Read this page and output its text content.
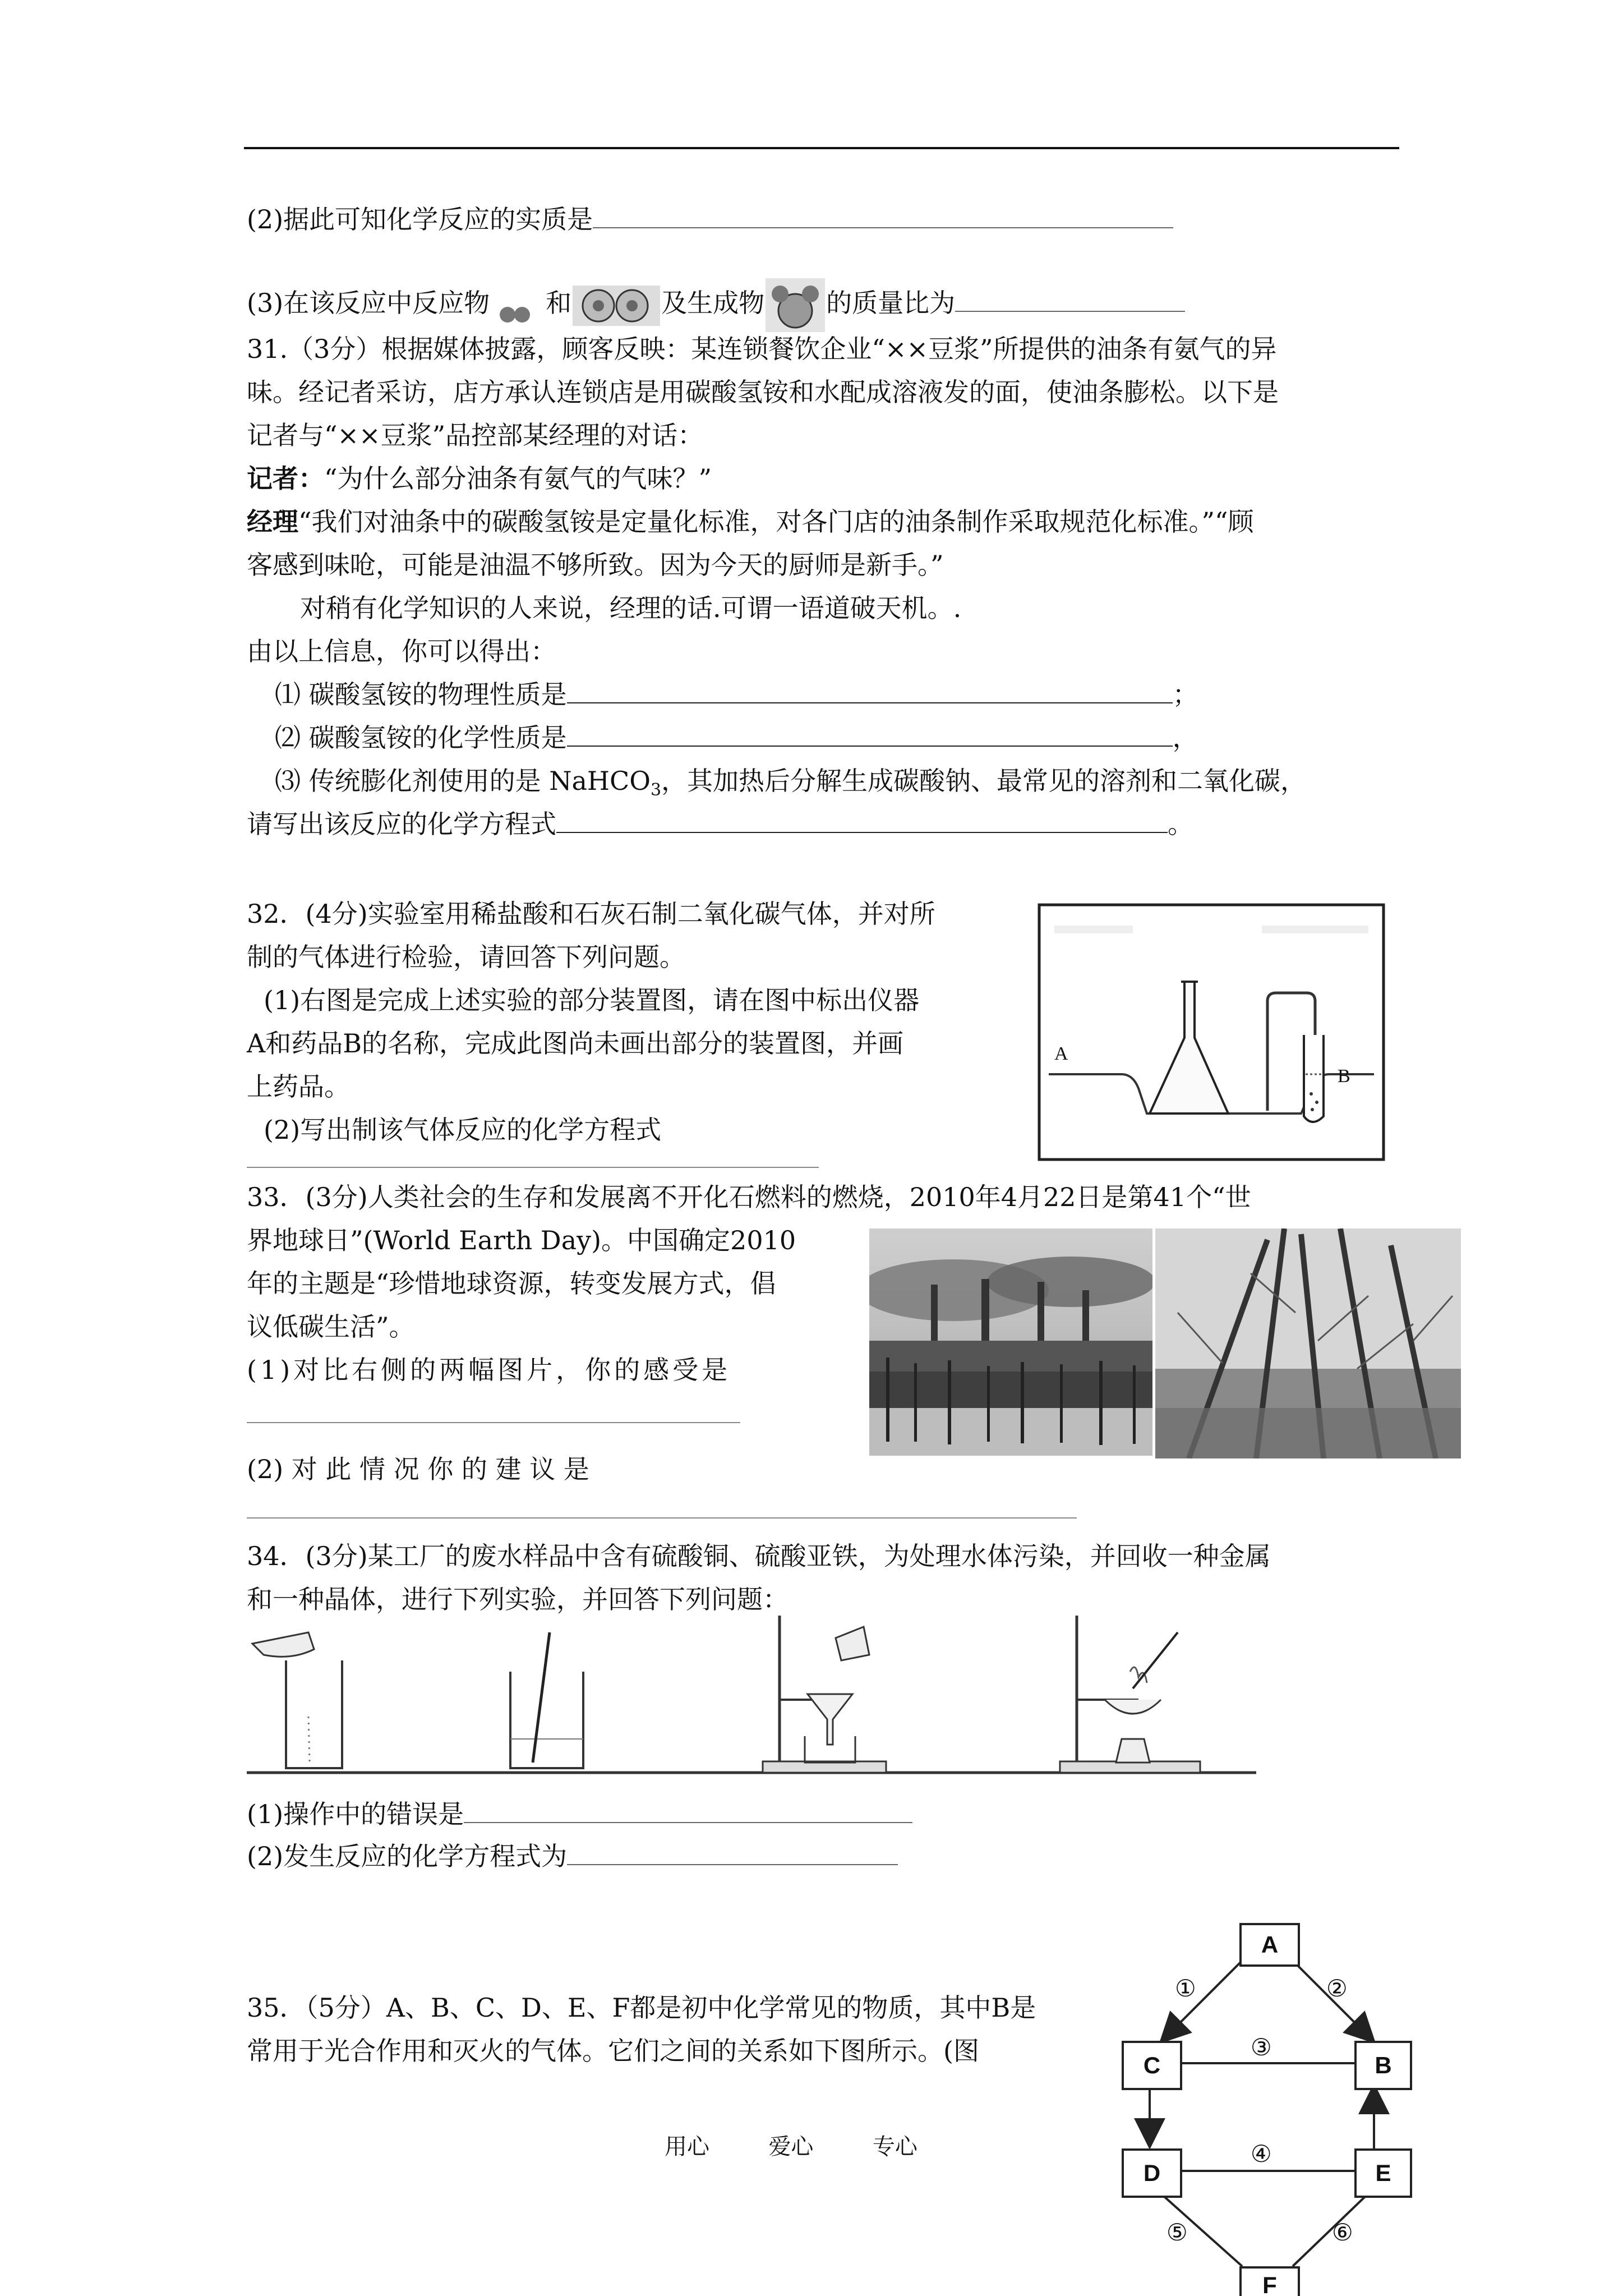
(2)据此可知化学反应的实质是
(3)在该反应中反应物 和	及生成物 的质量比为
31.（3分）根据媒体披露，顾客反映：某连锁餐饮企业“××豆浆”所提供的油条有氨气的异
味。经记者采访，店方承认连锁店是用碳酸氢铵和水配成溶液发的面，使油条膨松。以下是
记者与“××豆浆”品控部某经理的对话：
记者：“为什么部分油条有氨气的气味？”
经理“我们对油条中的碳酸氢铵是定量化标准，对各门店的油条制作采取规范化标准。”“顾
客感到味呛，可能是油温不够所致。因为今天的厨师是新手。”
对稍有化学知识的人来说，经理的话.可谓一语道破天机。.
由以上信息，你可以得出：
⑴ 碳酸氢铵的物理性质是	；
⑵ 碳酸氢铵的化学性质是	，
⑶ 传统膨化剂使用的是 NaHCO$_3$，其加热后分解生成碳酸钠、最常见的溶剂和二氧化碳，
请写出该反应的化学方程式	。
32．(4分)实验室用稀盐酸和石灰石制二氧化碳气体，并对所
制的气体进行检验，请回答下列问题。
(1)右图是完成上述实验的部分装置图，请在图中标出仪器
A和药品B的名称，完成此图尚未画出部分的装置图，并画
上药品。
(2)写出制该气体反应的化学方程式
A
B
33．(3分)人类社会的生存和发展离不开化石燃料的燃烧，2010年4月22日是第41个“世
界地球日”(World Earth Day)。中国确定2010
年的主题是“珍惜地球资源，转变发展方式，倡
议低碳生活”。
(1)对比右侧的两幅图片，你的感受是
(2) 对 此 情 况 你 的 建 议 是
34．(3分)某工厂的废水样品中含有硫酸铜、硫酸亚铁，为处理水体污染，并回收一种金属
和一种晶体，进行下列实验，并回答下列问题：
(1)操作中的错误是
(2)发生反应的化学方程式为
35．（5分）A、B、C、D、E、F都是初中化学常见的物质，其中B是
常用于光合作用和灭火的气体。它们之间的关系如下图所示。(图
A
C	B
D	E
F
①	②
③
④
⑤	⑥
用心	爱心	专心
